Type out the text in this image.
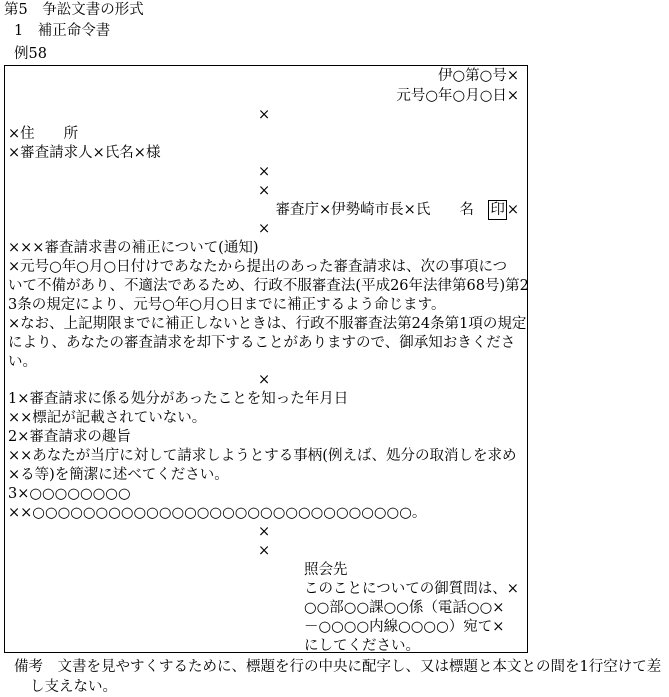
第5　争訟文書の形式
1　補正命令書
例58
伊○第○号×
元号○年○月○日×
×
×住　　所
×審査請求人×氏名×様
×
×
審査庁×伊勢崎市長×氏　　名　印 ×
×
×××審査請求書の補正について(通知)
×元号○年○月○日付けであなたから提出のあった審査請求は、次の事項につ
いて不備があり、不適法であるため、行政不服審査法(平成26年法律第68号)第2
3条の規定により、元号○年○月○日までに補正するよう命じます。
×なお、上記期限までに補正しないときは、行政不服審査法第24条第1項の規定
により、あなたの審査請求を却下することがありますので、御承知おきくださ
い。
×
1×審査請求に係る処分があったことを知った年月日
××標記が記載されていない。
2×審査請求の趣旨
××あなたが当庁に対して請求しようとする事柄(例えば、処分の取消しを求め
×る等)を簡潔に述べてください。
3×○○○○○○○○
××○○○○○○○○○○○○○○○○○○○○○○○○○○○○○○。
×
×
照会先
このことについての御質問は、×
○○部○○課○○係（電話○○×
－○○○○内線○○○○）宛て×
にしてください。
備考　文書を見やすくするために、標題を行の中央に配字し、又は標題と本文との間を1行空けて差
し支えない。
